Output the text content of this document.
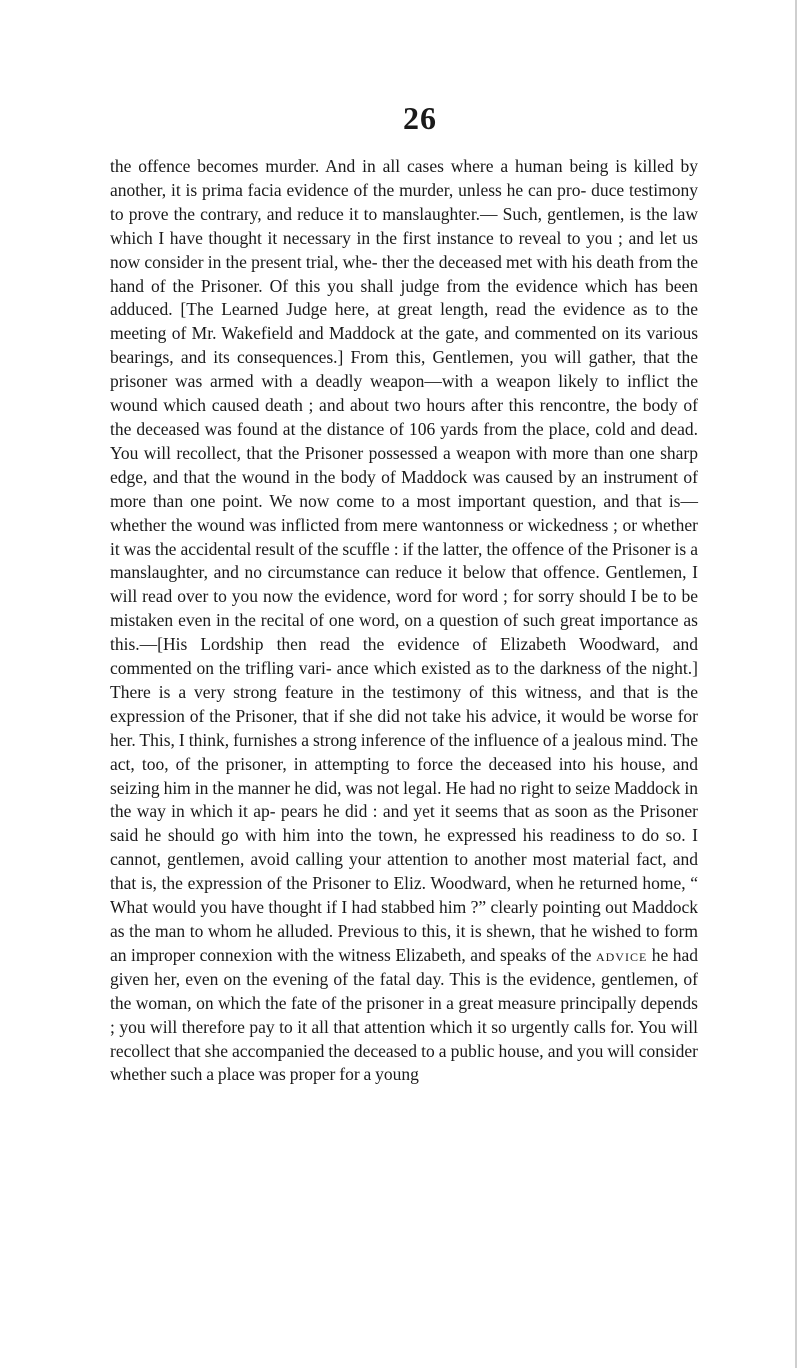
26
the offence becomes murder. And in all cases where a human being is killed by another, it is prima facia evidence of the murder, unless he can pro- duce testimony to prove the contrary, and reduce it to manslaughter.— Such, gentlemen, is the law which I have thought it necessary in the first instance to reveal to you ; and let us now consider in the present trial, whe- ther the deceased met with his death from the hand of the Prisoner. Of this you shall judge from the evidence which has been adduced. [The Learned Judge here, at great length, read the evidence as to the meeting of Mr. Wakefield and Maddock at the gate, and commented on its various bearings, and its consequences.] From this, Gentlemen, you will gather, that the prisoner was armed with a deadly weapon—with a weapon likely to inflict the wound which caused death ; and about two hours after this rencontre, the body of the deceased was found at the distance of 106 yards from the place, cold and dead. You will recollect, that the Prisoner possessed a weapon with more than one sharp edge, and that the wound in the body of Maddock was caused by an instrument of more than one point. We now come to a most important question, and that is—whether the wound was inflicted from mere wantonness or wickedness ; or whether it was the accidental result of the scuffle : if the latter, the offence of the Prisoner is a manslaughter, and no circumstance can reduce it below that offence. Gentlemen, I will read over to you now the evidence, word for word ; for sorry should I be to be mistaken even in the recital of one word, on a question of such great importance as this.—[His Lordship then read the evidence of Elizabeth Woodward, and commented on the trifling vari- ance which existed as to the darkness of the night.] There is a very strong feature in the testimony of this witness, and that is the expression of the Prisoner, that if she did not take his advice, it would be worse for her. This, I think, furnishes a strong inference of the influence of a jealous mind. The act, too, of the prisoner, in attempting to force the deceased into his house, and seizing him in the manner he did, was not legal. He had no right to seize Maddock in the way in which it ap- pears he did : and yet it seems that as soon as the Prisoner said he should go with him into the town, he expressed his readiness to do so. I cannot, gentlemen, avoid calling your attention to another most material fact, and that is, the expression of the Prisoner to Eliz. Woodward, when he returned home, “ What would you have thought if I had stabbed him ?” clearly pointing out Maddock as the man to whom he alluded. Previous to this, it is shewn, that he wished to form an improper connexion with the witness Elizabeth, and speaks of the advice he had given her, even on the evening of the fatal day. This is the evidence, gentlemen, of the woman, on which the fate of the prisoner in a great measure principally depends ; you will therefore pay to it all that attention which it so urgently calls for. You will recollect that she accompanied the deceased to a public house, and you will consider whether such a place was proper for a young
